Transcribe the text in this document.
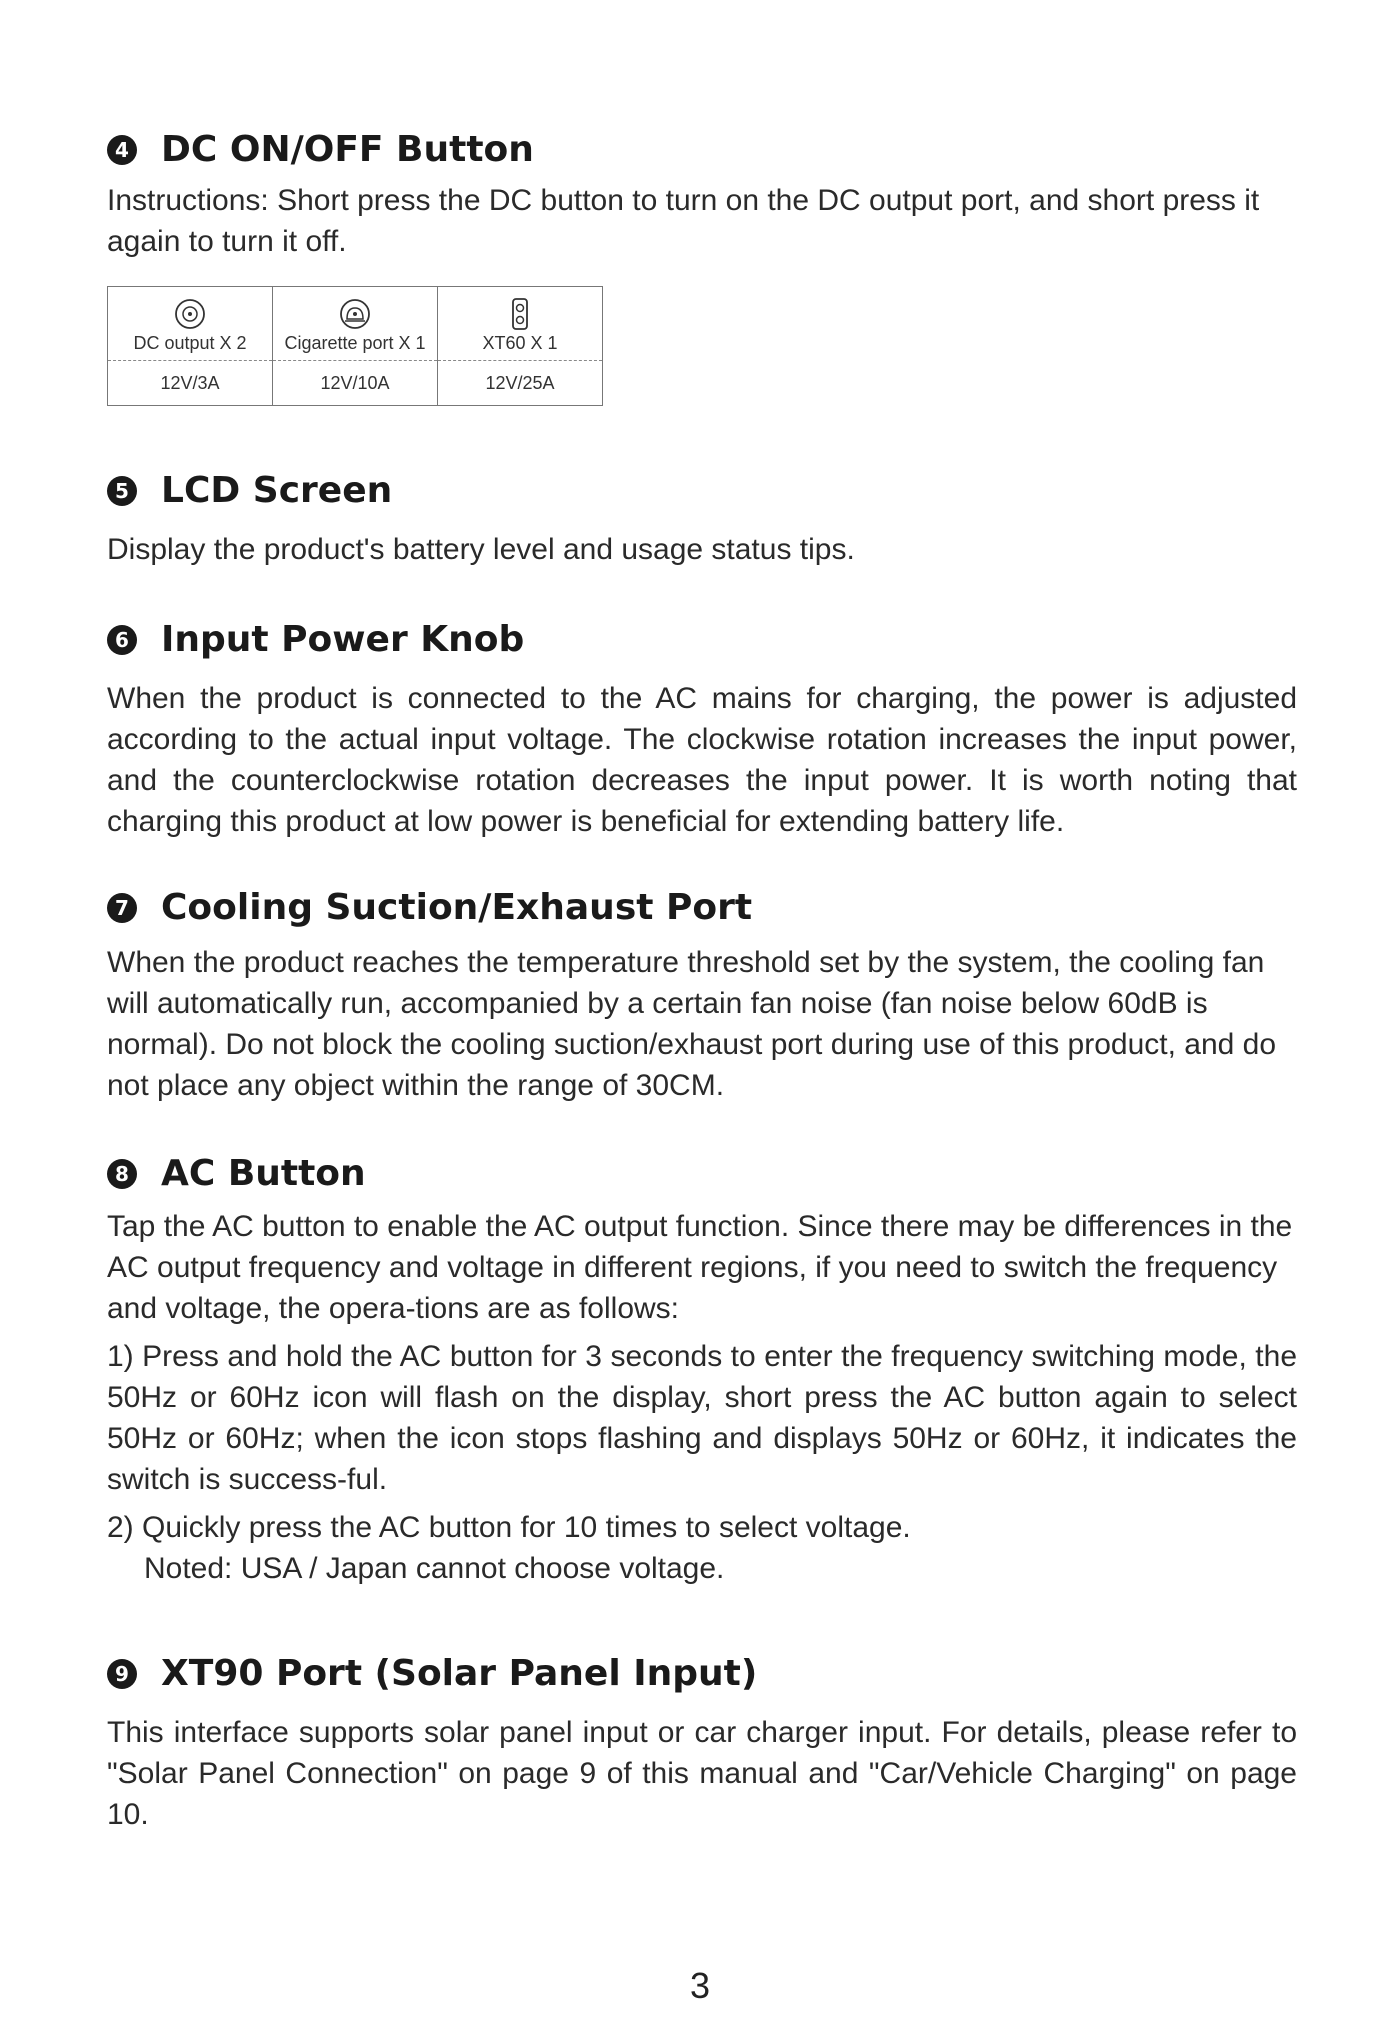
4 DC ON/OFF Button
Instructions: Short press the DC button to turn on the DC output port, and short press it again to turn it off.
DC output X 2
12V/3A
Cigarette port X 1
12V/10A
XT60 X 1
12V/25A
5 LCD Screen
Display the product's battery level and usage status tips.
6 Input Power Knob
When the product is connected to the AC mains for charging, the power is adjusted according to the actual input voltage. The clockwise rotation increases the input power, and the counterclockwise rotation decreases the input power. It is worth noting that charging this product at low power is beneficial for extending battery life.
7 Cooling Suction/Exhaust Port
When the product reaches the temperature threshold set by the system, the cooling fan will automatically run, accompanied by a certain fan noise (fan noise below 60dB is normal). Do not block the cooling suction/exhaust port during use of this product, and do not place any object within the range of 30CM.
8 AC Button
Tap the AC button to enable the AC output function. Since there may be differences in the AC output frequency and voltage in different regions, if you need to switch the frequency and voltage, the opera-tions are as follows:
1) Press and hold the AC button for 3 seconds to enter the frequency switching mode, the 50Hz or 60Hz icon will flash on the display, short press the AC button again to select 50Hz or 60Hz; when the icon stops flashing and displays 50Hz or 60Hz, it indicates the switch is success-ful.
2) Quickly press the AC button for 10 times to select voltage.
Noted: USA / Japan cannot choose voltage.
9 XT90 Port (Solar Panel Input)
This interface supports solar panel input or car charger input. For details, please refer to "Solar Panel Connection" on page 9 of this manual and "Car/Vehicle Charging" on page 10.
3
